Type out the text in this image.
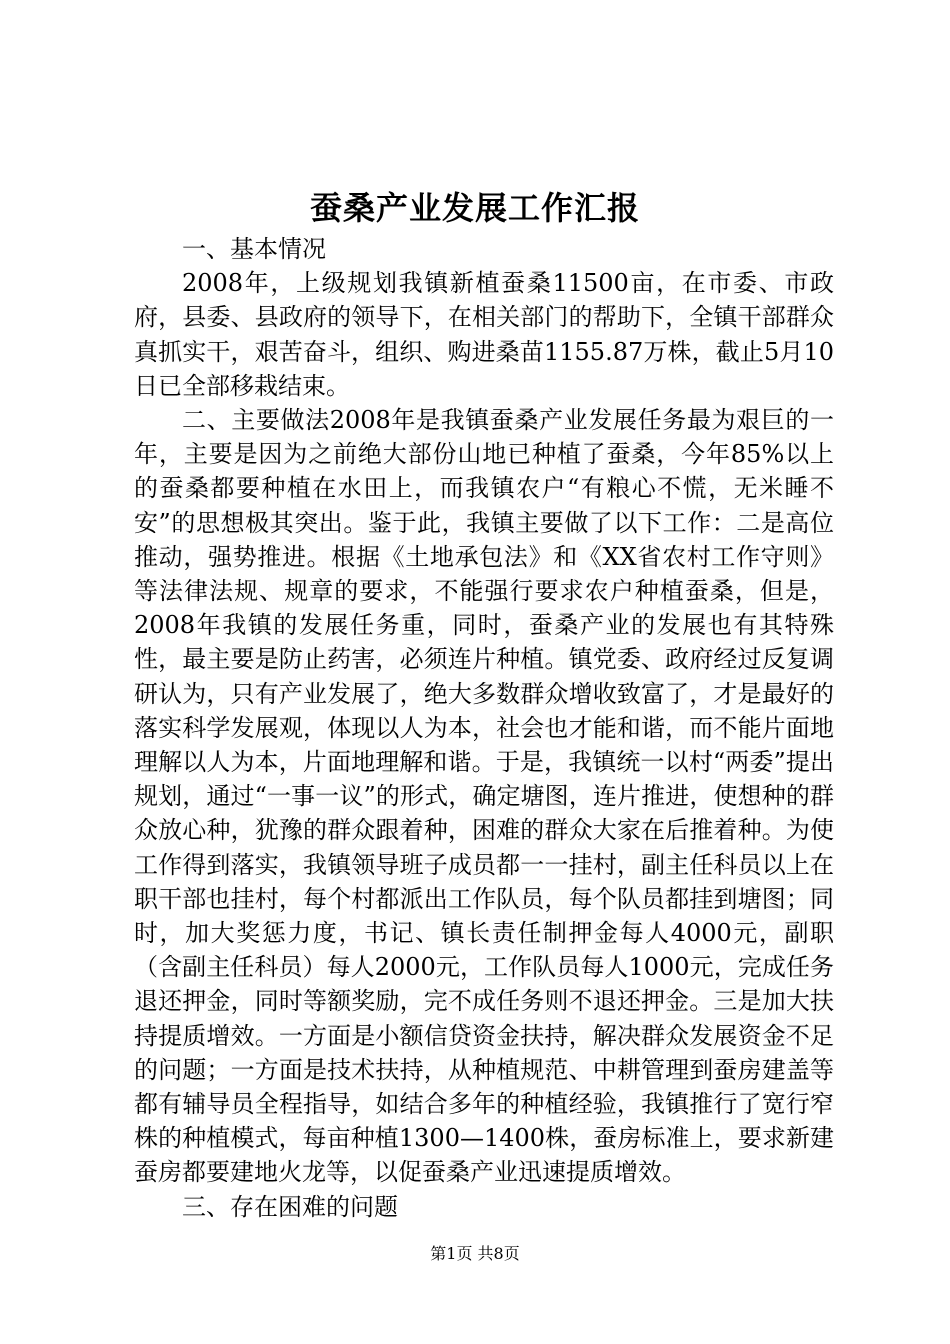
蚕桑产业发展工作汇报

一、基本情况

2008年，上级规划我镇新植蚕桑11500亩，在市委、市政府，县委、县政府的领导下，在相关部门的帮助下，全镇干部群众真抓实干，艰苦奋斗，组织、购进桑苗1155.87万株，截止5月10日已全部移栽结束。

二、主要做法2008年是我镇蚕桑产业发展任务最为艰巨的一年，主要是因为之前绝大部份山地已种植了蚕桑，今年85%以上的蚕桑都要种植在水田上，而我镇农户“有粮心不慌，无米睡不安”的思想极其突出。鉴于此，我镇主要做了以下工作：二是高位推动，强势推进。根据《土地承包法》和《XX省农村工作守则》等法律法规、规章的要求，不能强行要求农户种植蚕桑，但是，2008年我镇的发展任务重，同时，蚕桑产业的发展也有其特殊性，最主要是防止药害，必须连片种植。镇党委、政府经过反复调研认为，只有产业发展了，绝大多数群众增收致富了，才是最好的落实科学发展观，体现以人为本，社会也才能和谐，而不能片面地理解以人为本，片面地理解和谐。于是，我镇统一以村“两委”提出规划，通过“一事一议”的形式，确定塘图，连片推进，使想种的群众放心种，犹豫的群众跟着种，困难的群众大家在后推着种。为使工作得到落实，我镇领导班子成员都一一挂村，副主任科员以上在职干部也挂村，每个村都派出工作队员，每个队员都挂到塘图；同时，加大奖惩力度，书记、镇长责任制押金每人4000元，副职（含副主任科员）每人2000元，工作队员每人1000元，完成任务退还押金，同时等额奖励，完不成任务则不退还押金。三是加大扶持提质增效。一方面是小额信贷资金扶持，解决群众发展资金不足的问题；一方面是技术扶持，从种植规范、中耕管理到蚕房建盖等都有辅导员全程指导，如结合多年的种植经验，我镇推行了宽行窄株的种植模式，每亩种植1300—1400株，蚕房标准上，要求新建蚕房都要建地火龙等，以促蚕桑产业迅速提质增效。

三、存在困难的问题

第1页 共8页
